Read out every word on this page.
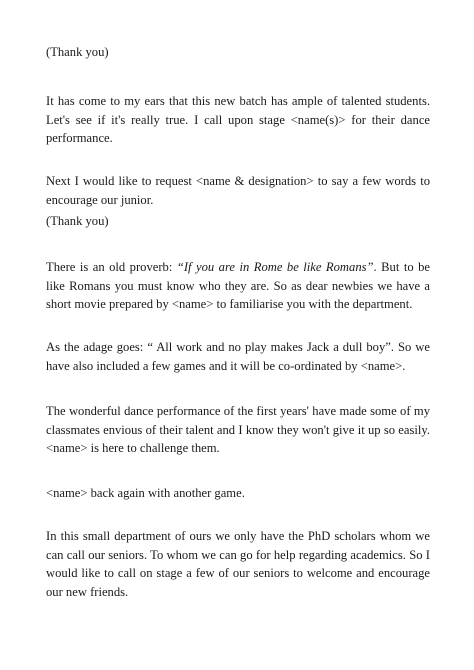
(Thank you)

It has come to my ears that this new batch has ample of talented students. Let's see if it's really true. I call upon stage <name(s)> for their dance performance.

Next I would like to request <name & designation> to say a few words to encourage our junior.

(Thank you)

There is an old proverb: “If you are in Rome be like Romans”. But to be like Romans you must know who they are. So as dear newbies we have a short movie prepared by <name> to familiarise you with the department.

As the adage goes: “ All work and no play makes Jack a dull boy”. So we have also included a few games and it will be co-ordinated by <name>.

The wonderful dance performance of the first years' have made some of my classmates envious of their talent and I know they won't give it up so easily. <name> is here to challenge them.

<name> back again with another game.

In this small department of ours we only have the PhD scholars whom we can call our seniors. To whom we can go for help regarding academics. So I would like to call on stage a few of our seniors to welcome and encourage our new friends.
